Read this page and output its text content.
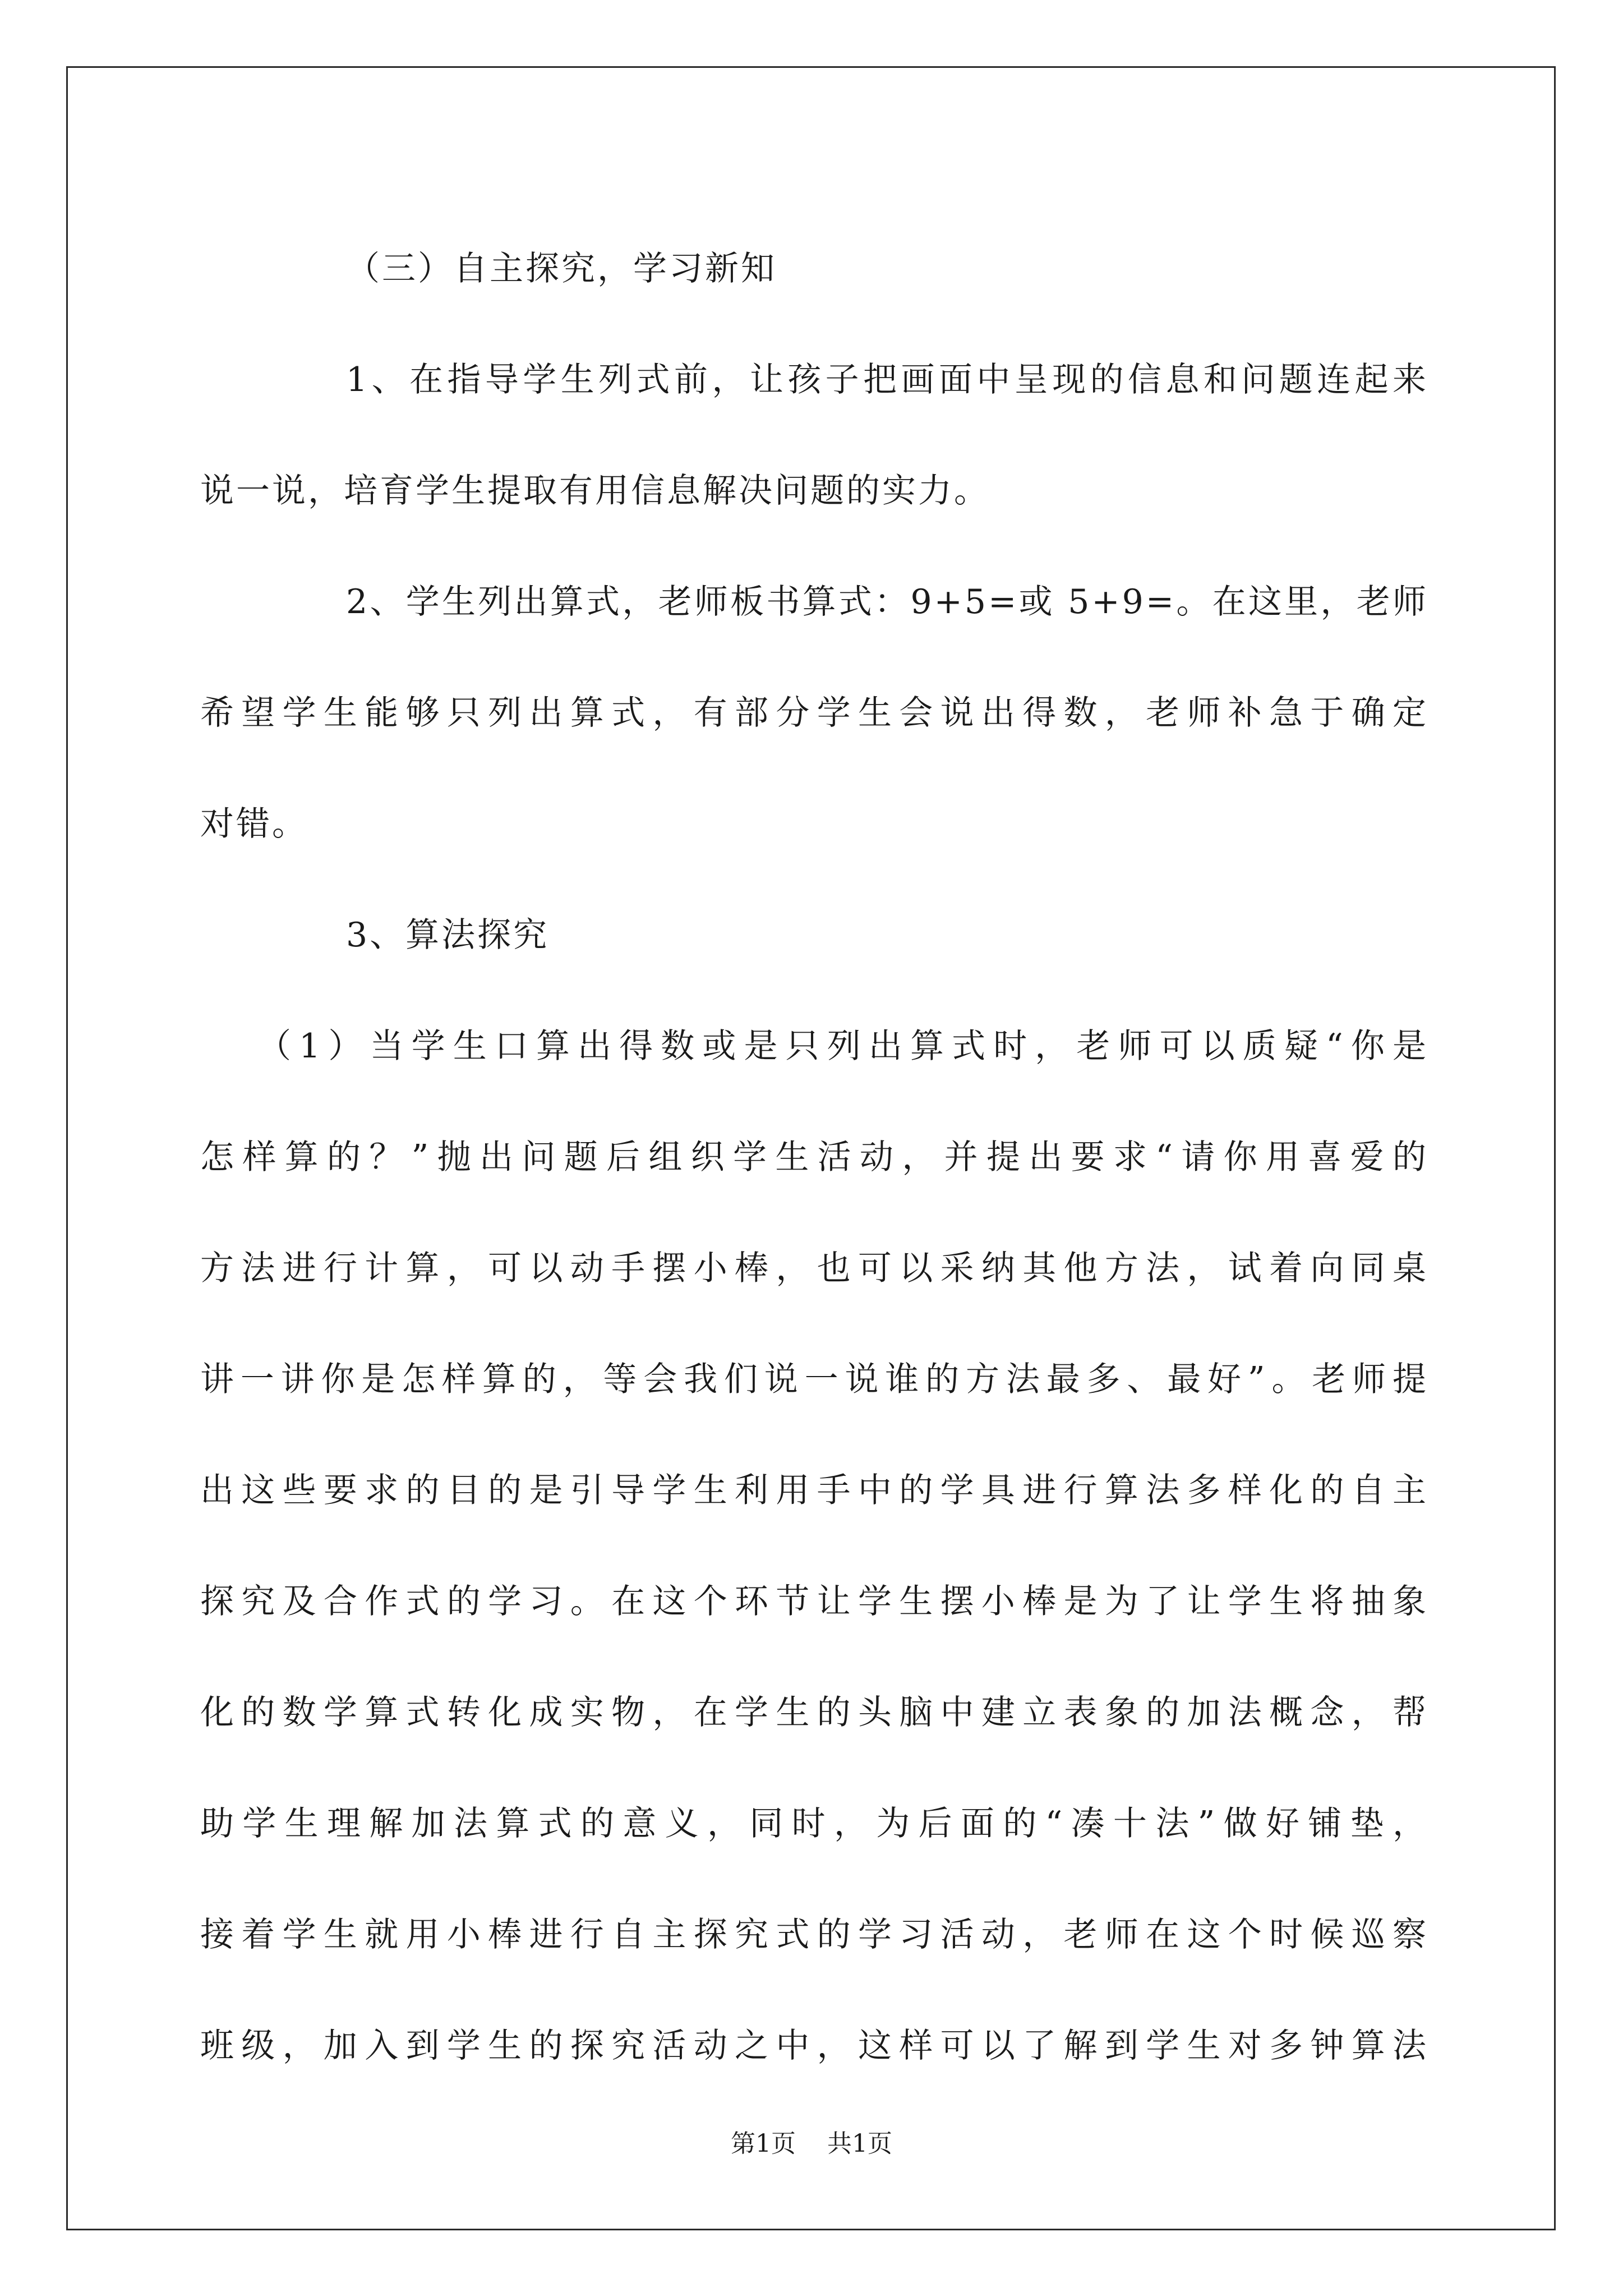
（三）自主探究，学习新知
1、在指导学生列式前，让孩子把画面中呈现的信息和问题连起来
说一说，培育学生提取有用信息解决问题的实力。
2、学生列出算式，老师板书算式：9+5=或 5+9=。在这里，老师
希望学生能够只列出算式，有部分学生会说出得数，老师补急于确定
对错。
3、算法探究
（1）当学生口算出得数或是只列出算式时，老师可以质疑“你是
怎样算的？”抛出问题后组织学生活动，并提出要求“请你用喜爱的
方法进行计算，可以动手摆小棒，也可以采纳其他方法，试着向同桌
讲一讲你是怎样算的，等会我们说一说谁的方法最多、最好”。老师提
出这些要求的目的是引导学生利用手中的学具进行算法多样化的自主
探究及合作式的学习。在这个环节让学生摆小棒是为了让学生将抽象
化的数学算式转化成实物，在学生的头脑中建立表象的加法概念，帮
助学生理解加法算式的意义，同时，为后面的“凑十法”做好铺垫，
接着学生就用小棒进行自主探究式的学习活动，老师在这个时候巡察
班级，加入到学生的探究活动之中，这样可以了解到学生对多钟算法
第1页 共1页
